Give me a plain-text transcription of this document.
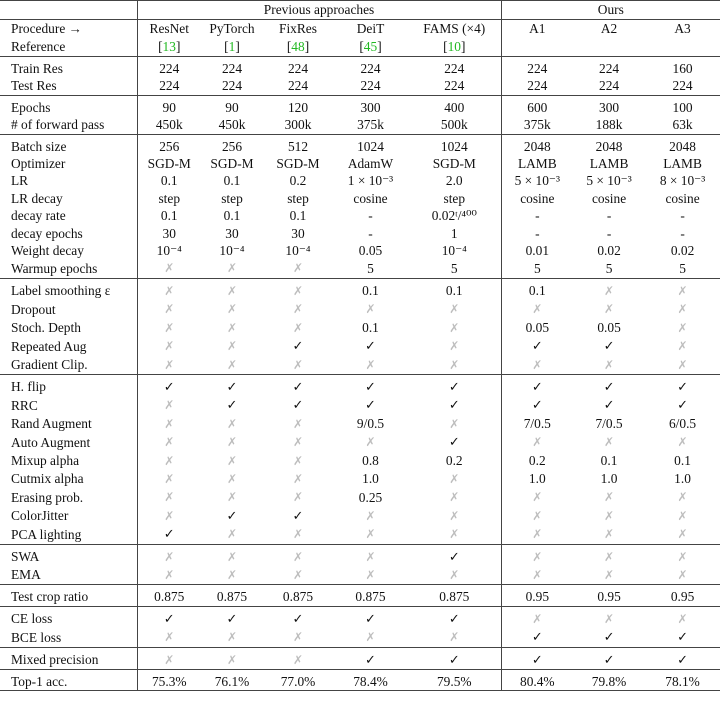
	Previous approaches					Ours		
Procedure →	ResNet	PyTorch	FixRes	DeiT	FAMS (×4)	A1	A2	A3
Reference	[13]	[1]	[48]	[45]	[10]			

Train Res	224	224	224	224	224	224	224	160
Test Res	224	224	224	224	224	224	224	224

Epochs	90	90	120	300	400	600	300	100
# of forward pass	450k	450k	300k	375k	500k	375k	188k	63k

Batch size	256	256	512	1024	1024	2048	2048	2048
Optimizer	SGD-M	SGD-M	SGD-M	AdamW	SGD-M	LAMB	LAMB	LAMB
LR	0.1	0.1	0.2	1 × 10⁻³	2.0	5 × 10⁻³	5 × 10⁻³	8 × 10⁻³
LR decay	step	step	step	cosine	step	cosine	cosine	cosine
decay rate	0.1	0.1	0.1	-	0.02ᵗ/⁴⁰⁰	-	-	-
decay epochs	30	30	30	-	1	-	-	-
Weight decay	10⁻⁴	10⁻⁴	10⁻⁴	0.05	10⁻⁴	0.01	0.02	0.02
Warmup epochs	✗	✗	✗	5	5	5	5	5

Label smoothing ε	✗	✗	✗	0.1	0.1	0.1	✗	✗
Dropout	✗	✗	✗	✗	✗	✗	✗	✗
Stoch. Depth	✗	✗	✗	0.1	✗	0.05	0.05	✗
Repeated Aug	✗	✗	✓	✓	✗	✓	✓	✗
Gradient Clip.	✗	✗	✗	✗	✗	✗	✗	✗

H. flip	✓	✓	✓	✓	✓	✓	✓	✓
RRC	✗	✓	✓	✓	✓	✓	✓	✓
Rand Augment	✗	✗	✗	9/0.5	✗	7/0.5	7/0.5	6/0.5
Auto Augment	✗	✗	✗	✗	✓	✗	✗	✗
Mixup alpha	✗	✗	✗	0.8	0.2	0.2	0.1	0.1
Cutmix alpha	✗	✗	✗	1.0	✗	1.0	1.0	1.0
Erasing prob.	✗	✗	✗	0.25	✗	✗	✗	✗
ColorJitter	✗	✓	✓	✗	✗	✗	✗	✗
PCA lighting	✓	✗	✗	✗	✗	✗	✗	✗

SWA	✗	✗	✗	✗	✓	✗	✗	✗
EMA	✗	✗	✗	✗	✗	✗	✗	✗

Test crop ratio	0.875	0.875	0.875	0.875	0.875	0.95	0.95	0.95

CE loss	✓	✓	✓	✓	✓	✗	✗	✗
BCE loss	✗	✗	✗	✗	✗	✓	✓	✓

Mixed precision	✗	✗	✗	✓	✓	✓	✓	✓

Top-1 acc.	75.3%	76.1%	77.0%	78.4%	79.5%	80.4%	79.8%	78.1%
